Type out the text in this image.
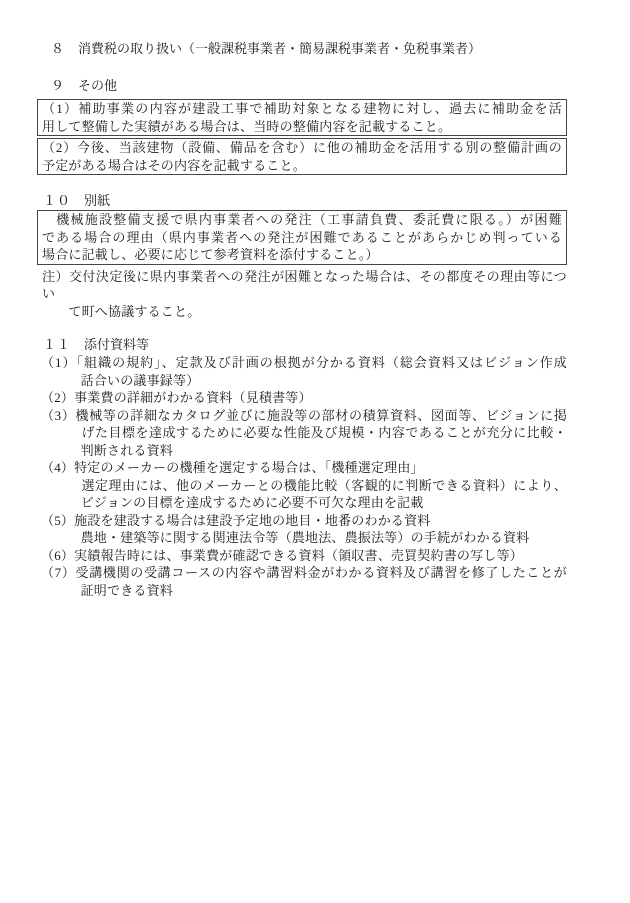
８ 消費税の取り扱い（一般課税事業者・簡易課税事業者・免税事業者）
９ その他
（1）補助事業の内容が建設工事で補助対象となる建物に対し、過去に補助金を活
用して整備した実績がある場合は、当時の整備内容を記載すること。
（2）今後、当該建物（設備、備品を含む）に他の補助金を活用する別の整備計画の
予定がある場合はその内容を記載すること。
１０ 別紙
　機械施設整備支援で県内事業者への発注（工事請負費、委託費に限る。）が困難
である場合の理由（県内事業者への発注が困難であることがあらかじめ判っている
場合に記載し、必要に応じて参考資料を添付すること。）
注）交付決定後に県内事業者への発注が困難となった場合は、その都度その理由等につい
　　て町へ協議すること。
１１ 添付資料等
（1）「組織の規約」、定款及び計画の根拠が分かる資料（総会資料又はビジョン作成
　　　話合いの議事録等）
（2）事業費の詳細がわかる資料（見積書等）
（3）機械等の詳細なカタログ並びに施設等の部材の積算資料、図面等、ビジョンに掲
　　　げた目標を達成するために必要な性能及び規模・内容であることが充分に比較・
　　　判断される資料
（4）特定のメーカーの機種を選定する場合は、「機種選定理由」
　　　選定理由には、他のメーカーとの機能比較（客観的に判断できる資料）により、
　　　ビジョンの目標を達成するために必要不可欠な理由を記載
（5）施設を建設する場合は建設予定地の地目・地番のわかる資料
　　　農地・建築等に関する関連法令等（農地法、農振法等）の手続がわかる資料
（6）実績報告時には、事業費が確認できる資料（領収書、売買契約書の写し等）
（7）受講機関の受講コースの内容や講習料金がわかる資料及び講習を修了したことが
　　　証明できる資料
